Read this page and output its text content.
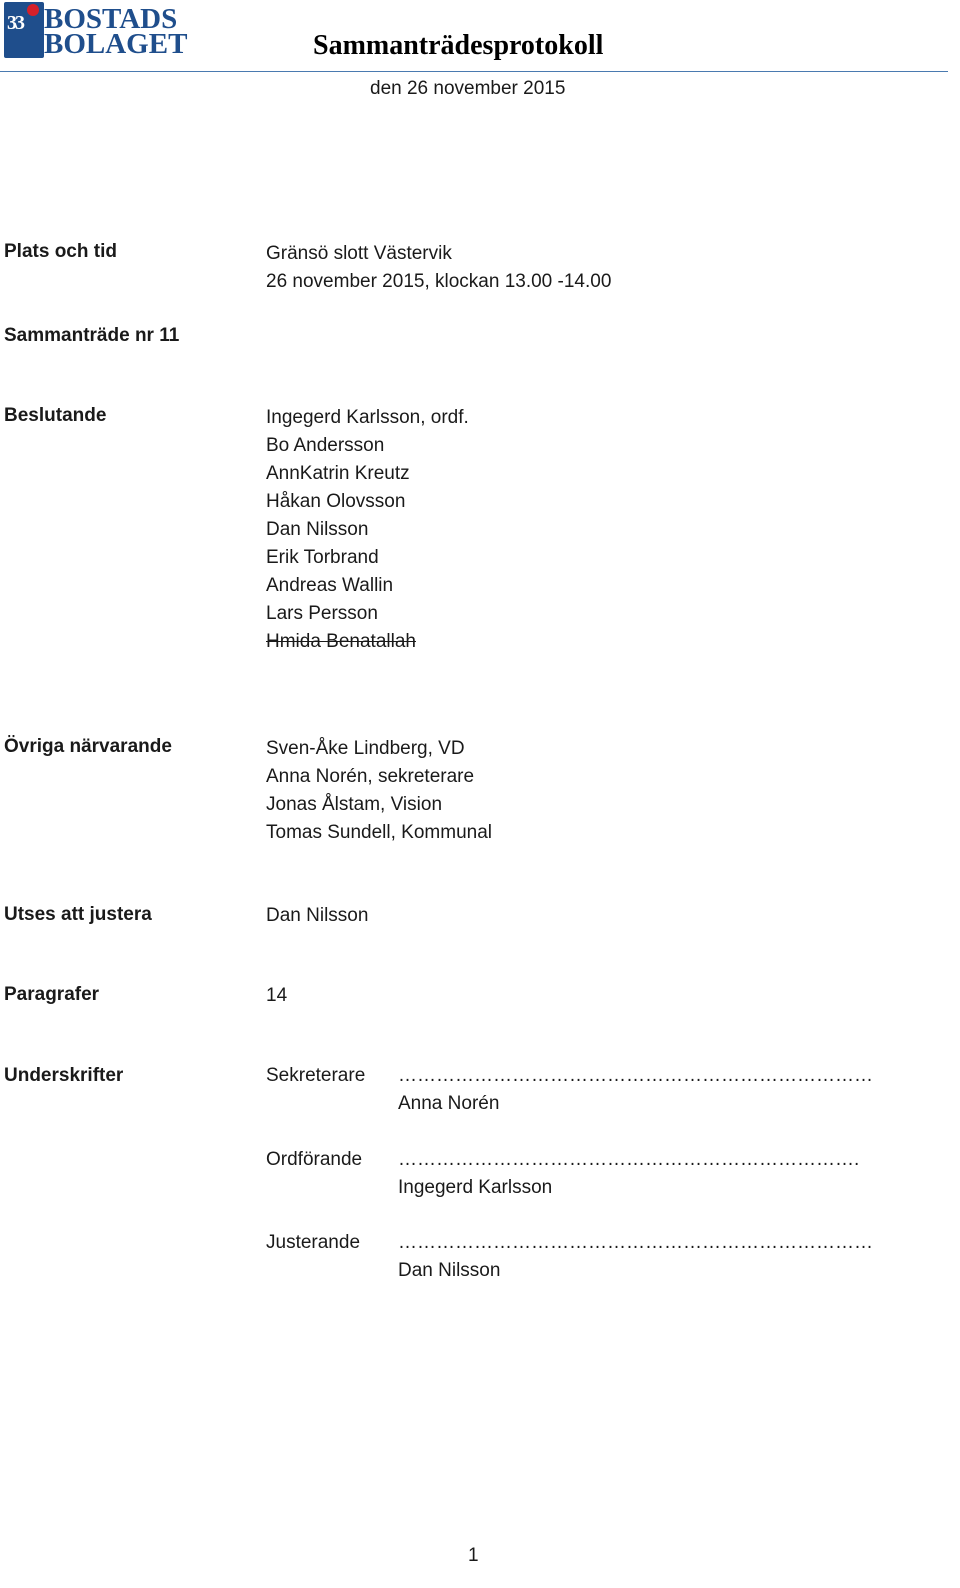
33 BOSTADS
BOLAGET	Sammanträdesprotokoll
den 26 november 2015
Plats och tid	Gränsö slott Västervik
26 november 2015, klockan 13.00 -14.00
Sammanträde nr 11
Beslutande	Ingegerd Karlsson, ordf.
Bo Andersson
AnnKatrin Kreutz
Håkan Olovsson
Dan Nilsson
Erik Torbrand
Andreas Wallin
Lars Persson
Hmida Benatallah
Övriga närvarande	Sven-Åke Lindberg, VD
Anna Norén, sekreterare
Jonas Ålstam, Vision
Tomas Sundell, Kommunal
Utses att justera	Dan Nilsson
Paragrafer	14
Underskrifter	Sekreterare …………………………………………………………………
Anna Norén
Ordförande ……………………………………………………………….
Ingegerd Karlsson
Justerande …………………………………………………………………
Dan Nilsson
1
